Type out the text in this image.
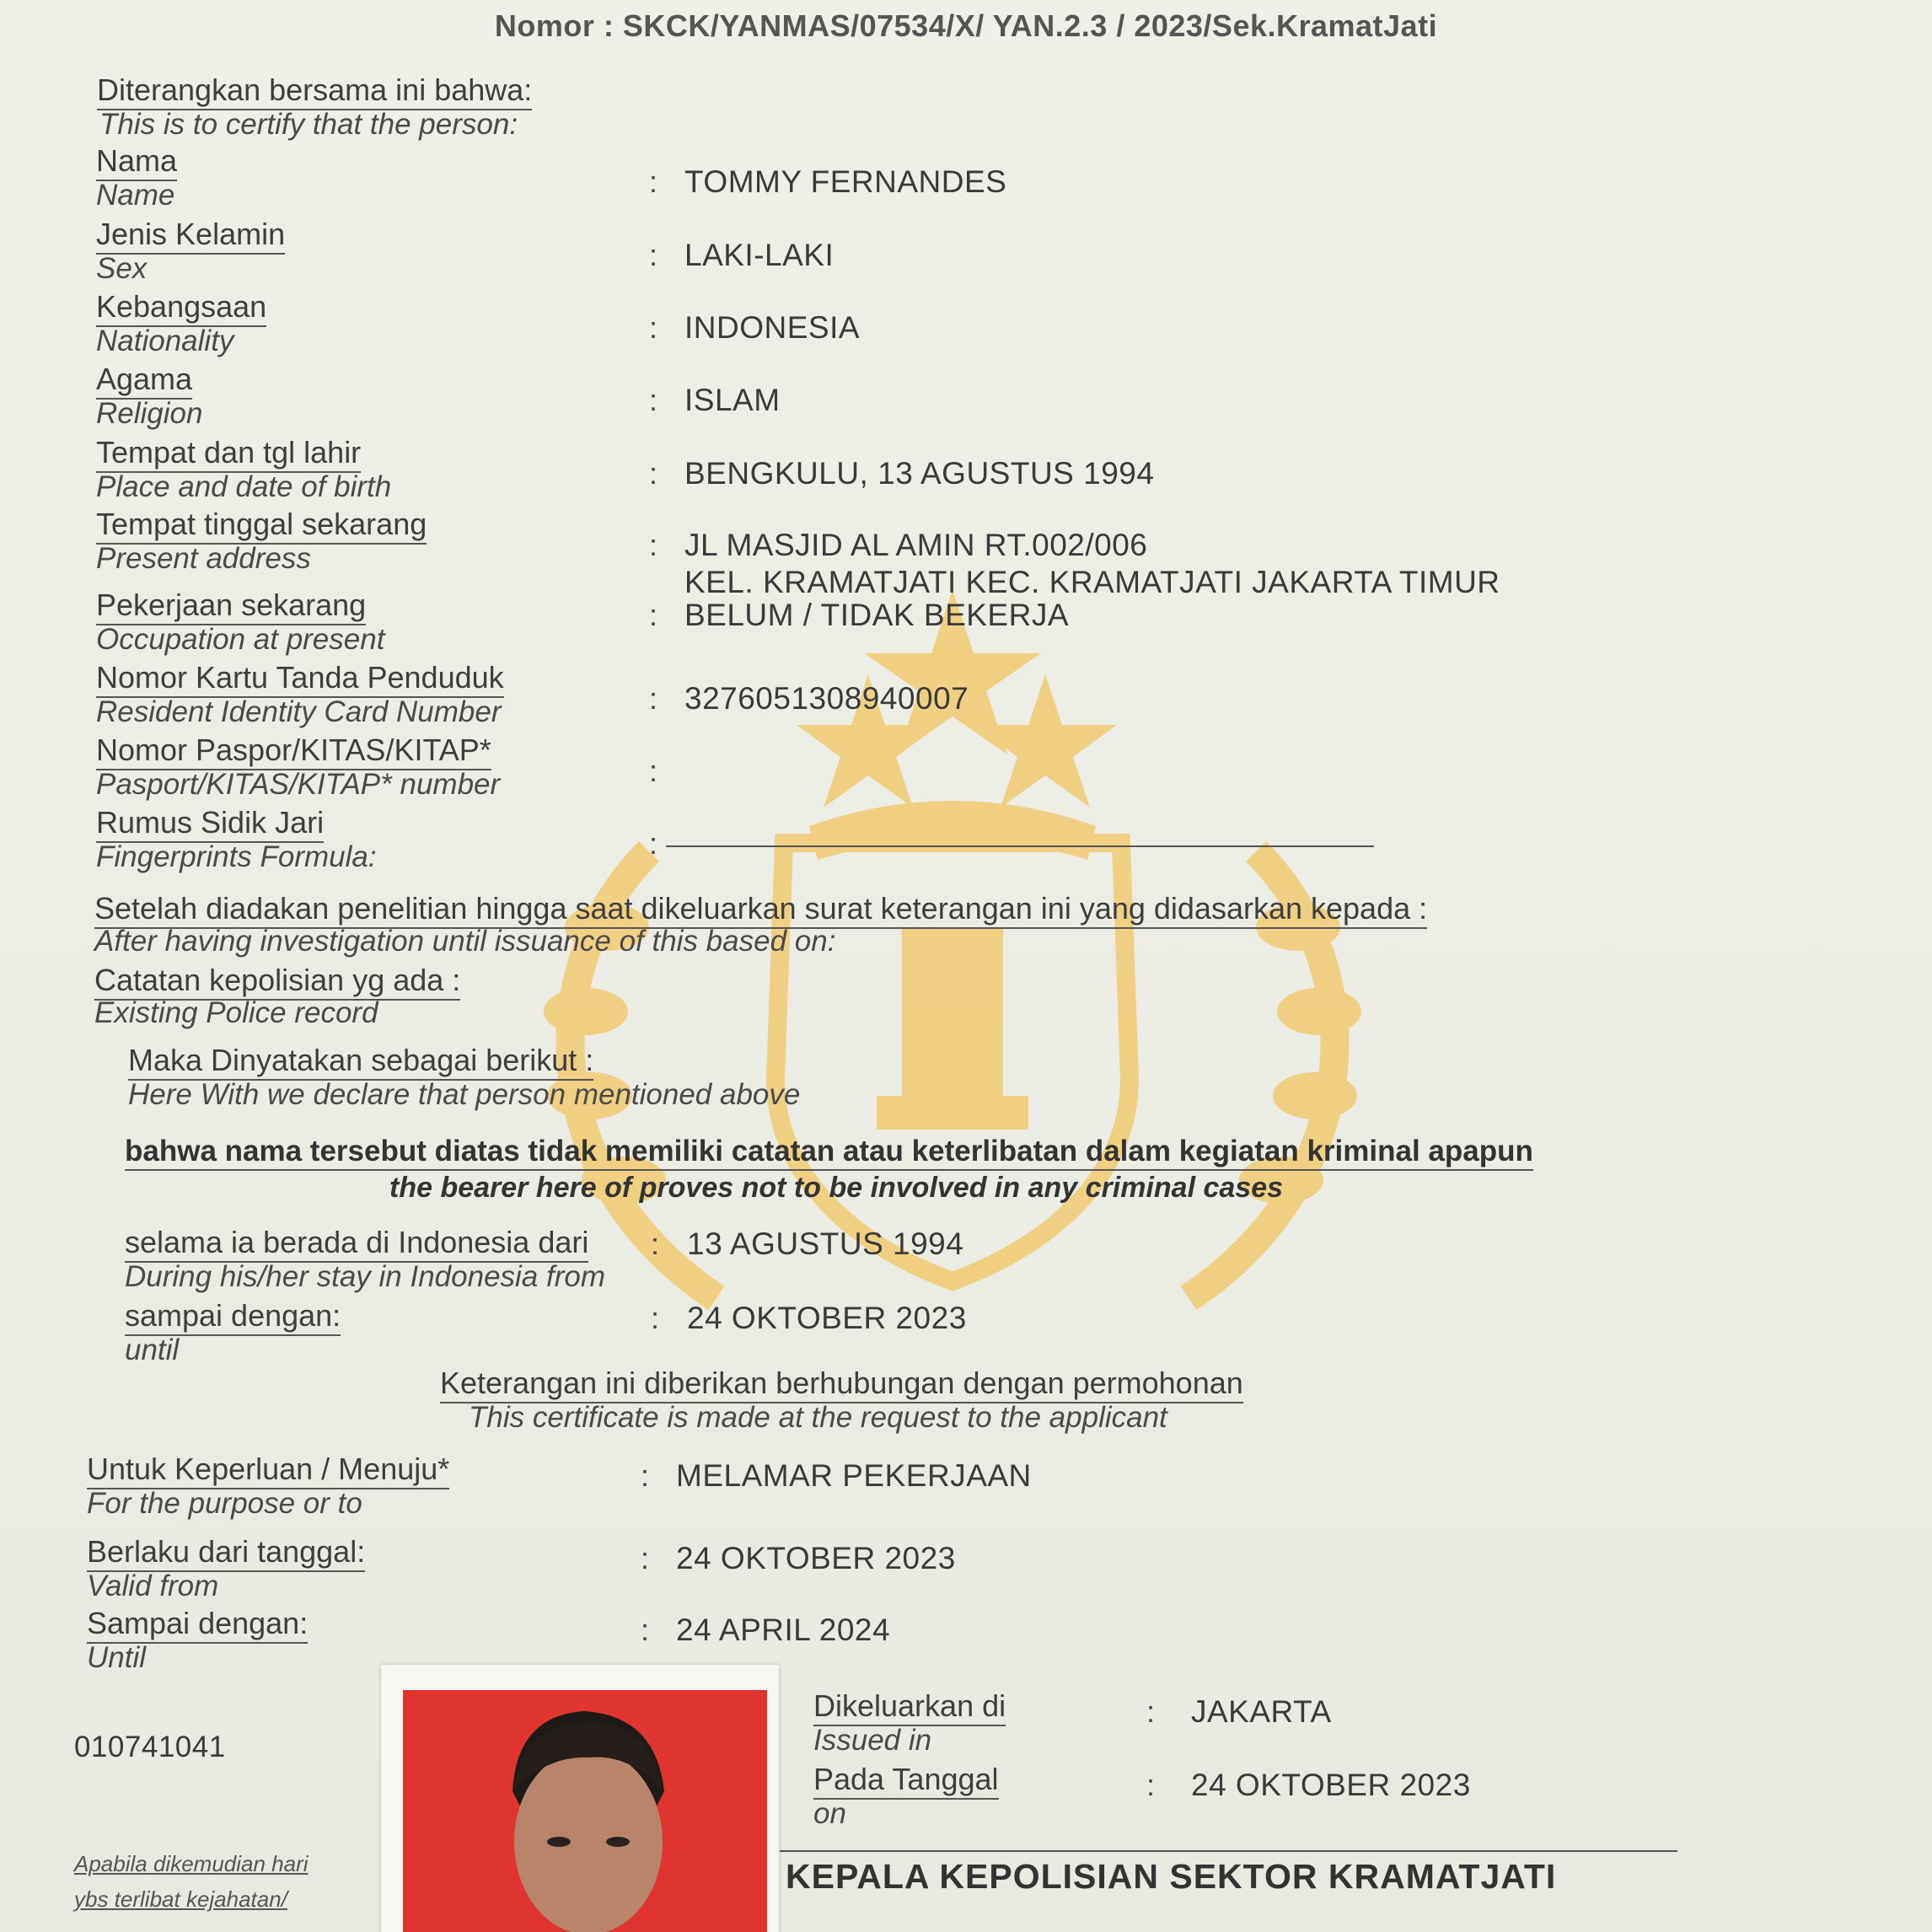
Nomor : SKCK/YANMAS/07534/X/ YAN.2.3 / 2023/Sek.KramatJati
Diterangkan bersama ini bahwa:
This is to certify that the person:
Nama
Name	: TOMMY FERNANDES
Jenis Kelamin
Sex	: LAKI-LAKI
Kebangsaan
Nationality	: INDONESIA
Agama
Religion	: ISLAM
Tempat dan tgl lahir
Place and date of birth	: BENGKULU, 13 AGUSTUS 1994
Tempat tinggal sekarang
Present address	: JL MASJID AL AMIN RT.002/006
KEL. KRAMATJATI KEC. KRAMATJATI JAKARTA TIMUR
Pekerjaan sekarang
Occupation at present
: BELUM / TIDAK BEKERJA
Nomor Kartu Tanda Penduduk
Resident Identity Card Number	: 3276051308940007
Nomor Paspor/KITAS/KITAP*
Pasport/KITAS/KITAP* number	:
Rumus Sidik Jari
Fingerprints Formula:	:
Setelah diadakan penelitian hingga saat dikeluarkan surat keterangan ini yang didasarkan kepada :
After having investigation until issuance of this based on:
Catatan kepolisian yg ada :
Existing Police record
Maka Dinyatakan sebagai berikut :
Here With we declare that person mentioned above
bahwa nama tersebut diatas tidak memiliki catatan atau keterlibatan dalam kegiatan kriminal apapun
the bearer here of proves not to be involved in any criminal cases
selama ia berada di Indonesia dari
During his/her stay in Indonesia from
: 13 AGUSTUS 1994
sampai dengan:
until
: 24 OKTOBER 2023
Keterangan ini diberikan berhubungan dengan permohonan
This certificate is made at the request to the applicant
Untuk Keperluan / Menuju*
For the purpose or to
: MELAMAR PEKERJAAN
Berlaku dari tanggal:
Valid from
: 24 OKTOBER 2023
Sampai dengan:
Until
: 24 APRIL 2024
010741041
Apabila dikemudian hari
ybs terlibat kejahatan/
Dikeluarkan di
Issued in
: JAKARTA
Pada Tanggal
on
: 24 OKTOBER 2023
KEPALA KEPOLISIAN SEKTOR KRAMATJATI
